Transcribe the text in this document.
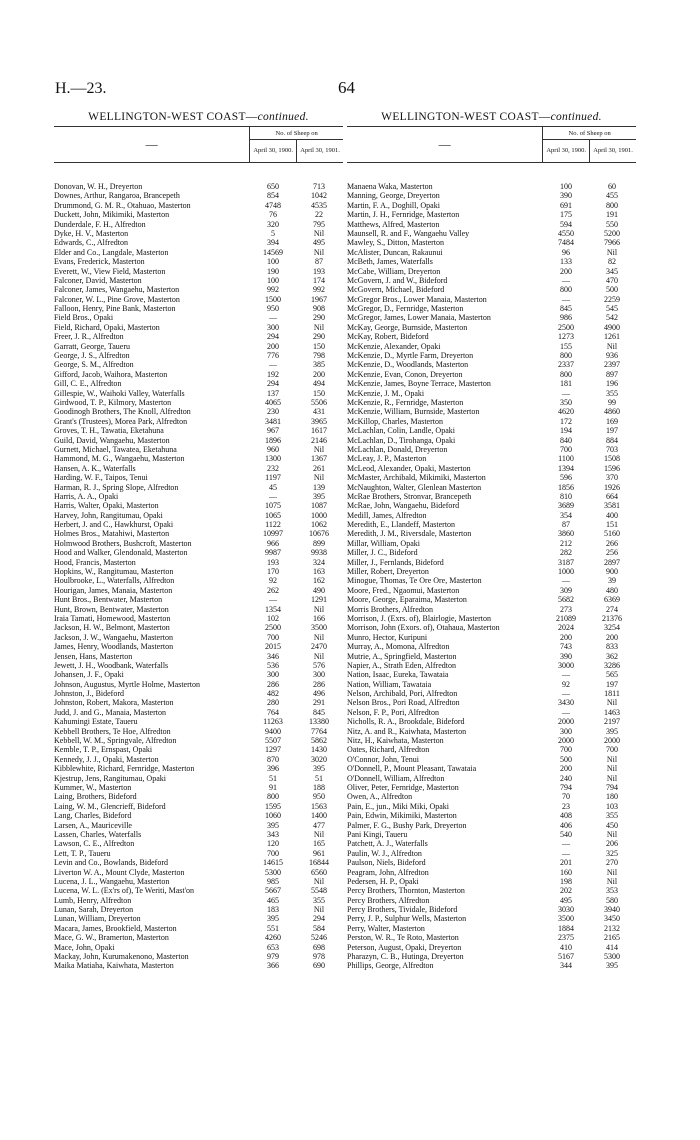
H.—23.	64
WELLINGTON-WEST COAST—continued.
—	No. of Sheep on	
	April 30, 1900.	April 30, 1901.
Donovan, W. H., Dreyerton	650	713
Downes, Arthur, Rangaroa, Brancepeth	854	1042
Drummond, G. M. R., Otahuao, Masterton	4748	4535
Duckett, John, Mikimiki, Masterton	76	22
Dunderdale, F. H., Alfredton	320	795
Dyke, H. V., Masterton	5	Nil
Edwards, C., Alfredton	394	495
Elder and Co., Langdale, Masterton	14569	Nil
Evans, Frederick, Masterton	100	87
Everett, W., View Field, Masterton	190	193
Falconer, David, Masterton	100	174
Falconer, James, Wangaehu, Masterton	992	992
Falconer, W. L., Pine Grove, Masterton	1500	1967
Falloon, Henry, Pine Bank, Masterton	950	908
Field Bros., Opaki	—	290
Field, Richard, Opaki, Masterton	300	Nil
Freer, J. R., Alfredton	294	290
Garratt, George, Taueru	200	150
George, J. S., Alfredton	776	798
George, S. M., Alfredton	—	385
Gifford, Jacob, Waihora, Masterton	192	200
Gill, C. E., Alfredton	294	494
Gillespie, W., Waihoki Valley, Waterfalls	137	150
Girdwood, T. P., Kilmory, Masterton	4065	5506
Goodinogh Brothers, The Knoll, Alfredton	230	431
Grant's (Trustees), Morea Park, Alfredton	3481	3965
Groves, T. H., Tawatia, Eketahuna	967	1617
Guild, David, Wangaehu, Masterton	1896	2146
Gurnett, Michael, Tawatea, Eketahuna	960	Nil
Hammond, M. G., Wangaehu, Masterton	1300	1367
Hansen, A. K., Waterfalls	232	261
Harding, W. F., Taipos, Tenui	1197	Nil
Harman, R. J., Spring Slope, Alfredton	45	139
Harris, A. A., Opaki	—	395
Harris, Walter, Opaki, Masterton	1075	1087
Harvey, John, Rangitumau, Opaki	1065	1000
Herbert, J. and C., Hawkhurst, Opaki	1122	1062
Holmes Bros., Matahiwi, Masterton	10997	10676
Holmwood Brothers, Bushcroft, Masterton	966	899
Hood and Walker, Glendonald, Masterton	9987	9938
Hood, Francis, Masterton	193	324
Hopkins, W., Rangitumau, Masterton	170	163
Houlbrooke, L., Waterfalls, Alfredton	92	162
Hourigan, James, Manaia, Masterton	262	490
Hunt Bros., Bentwater, Masterton	—	1291
Hunt, Brown, Bentwater, Masterton	1354	Nil
Iraia Tamati, Homewood, Masterton	102	166
Jackson, H. W., Belmont, Masterton	2500	3500
Jackson, J. W., Wangaehu, Masterton	700	Nil
James, Henry, Woodlands, Masterton	2015	2470
Jensen, Hans, Masterton	346	Nil
Jewett, J. H., Woodbank, Waterfalls	536	576
Johansen, J. F., Opaki	300	300
Johnson, Augustus, Myrtle Holme, Masterton	286	286
Johnston, J., Bideford	482	496
Johnston, Robert, Makora, Masterton	280	291
Judd, J. and G., Manaia, Masterton	764	845
Kahumingi Estate, Taueru	11263	13380
Kebbell Brothers, Te Hoe, Alfredton	9400	7764
Kebbell, W. M., Springvale, Alfredton	5507	5862
Kemble, T. P., Ernspast, Opaki	1297	1430
Kennedy, J. J., Opaki, Masterton	870	3020
Kibblewhite, Richard, Fernridge, Masterton	396	395
Kjestrup, Jens, Rangitumau, Opaki	51	51
Kummer, W., Masterton	91	188
Laing, Brothers, Bideford	800	950
Laing, W. M., Glencrieff, Bideford	1595	1563
Lang, Charles, Bideford	1060	1400
Larsen, A., Mauriceville	395	477
Lassen, Charles, Waterfalls	343	Nil
Lawson, C. E., Alfredton	120	165
Lett, T. P., Taueru	700	961
Levin and Co., Bowlands, Bideford	14615	16844
Liverton W. A., Mount Clyde, Masterton	5300	6560
Lucena, J. L., Wangaehu, Masterton	985	Nil
Lucena, W. L. (Ex'rs of), Te Weriti, Mast'on	5667	5548
Lumb, Henry, Alfredton	465	355
Lunan, Sarah, Dreyerton	183	Nil
Lunan, William, Dreyerton	395	294
Macara, James, Brookfield, Masterton	551	584
Mace, G. W., Bramerton, Masterton	4260	5246
Mace, John, Opaki	653	698
Mackay, John, Kurumakenono, Masterton	979	978
Maika Matiaha, Kaiwhata, Masterton	366	690
WELLINGTON-WEST COAST—continued.
—	No. of Sheep on	
	April 30, 1900.	April 30, 1901.
Manaena Waka, Masterton	100	60
Manning, George, Dreyerton	390	455
Martin, F. A., Doghill, Opaki	691	800
Martin, J. H., Fernridge, Masterton	175	191
Matthews, Alfred, Masterton	594	550
Maunsell, R. and F., Wangaehu Valley	4550	5200
Mawley, S., Ditton, Masterton	7484	7966
McAlister, Duncan, Rakaunui	96	Nil
McBeth, James, Waterfalls	133	82
McCabe, William, Dreyerton	200	345
McGovern, J. and W., Bideford	—	470
McGovern, Michael, Bideford	800	500
McGregor Bros., Lower Manaia, Masterton	—	2259
McGregor, D., Fernridge, Masterton	845	545
McGregor, James, Lower Manaia, Masterton	986	542
McKay, George, Burnside, Masterton	2500	4900
McKay, Robert, Bideford	1273	1261
McKenzie, Alexander, Opaki	155	Nil
McKenzie, D., Myrtle Farm, Dreyerton	800	936
McKenzie, D., Woodlands, Masterton	2337	2397
McKenzie, Evan, Conon, Dreyerton	800	897
McKenzie, James, Boyne Terrace, Masterton	181	196
McKenzie, J. M., Opaki	—	355
McKenzie, R., Fernridge, Masterton	350	99
McKenzie, William, Burnside, Masterton	4620	4860
McKillop, Charles, Masterton	172	169
McLachlan, Colin, Landle, Opaki	194	197
McLachlan, D., Tirohanga, Opaki	840	884
McLachlan, Donald, Dreyerton	700	703
McLeay, J. P., Masterton	1100	1508
McLeod, Alexander, Opaki, Masterton	1394	1596
McMaster, Archibald, Mikimiki, Masterton	596	370
McNaughton, Walter, Glenlean Masterton	1856	1926
McRae Brothers, Stronvar, Brancepeth	810	664
McRae, John, Wangaehu, Bideford	3689	3581
Medill, James, Alfredton	354	400
Meredith, E., Llandeff, Masterton	87	151
Meredith, J. M., Riversdale, Masterton	3860	5160
Millar, William, Opaki	212	266
Miller, J. C., Bideford	282	256
Miller, J., Fernlands, Bideford	3187	2897
Miller, Robert, Dreyerton	1000	900
Minogue, Thomas, Te Ore Ore, Masterton	—	39
Moore, Fred., Ngaomui, Masterton	309	480
Moore, George, Eparaima, Masterton	5682	6369
Morris Brothers, Alfredton	273	274
Morrison, J. (Exrs. of), Blairlogie, Masterton	21089	21376
Morrison, John (Exors. of), Otahaua, Masterton	2024	3254
Munro, Hector, Kuripuni	200	200
Murray, A., Momona, Alfredton	743	833
Mutrie, A., Springfield, Masterton	390	362
Napier, A., Strath Eden, Alfredton	3000	3286
Nation, Isaac, Eureka, Tawataia	—	565
Nation, William, Tawataia	92	197
Nelson, Archibald, Pori, Alfredton	—	1811
Nelson Bros., Pori Road, Alfredton	3430	Nil
Nelson, F. P., Pori, Alfredton	—	1463
Nicholls, R. A., Brookdale, Bideford	2000	2197
Nitz, A. and R., Kaiwhata, Masterton	300	395
Nitz, H., Kaiwhata, Masterton	2000	2000
Oates, Richard, Alfredton	700	700
O'Connor, John, Tenui	500	Nil
O'Donnell, P., Mount Pleasant, Tawataia	200	Nil
O'Donnell, William, Alfredton	240	Nil
Oliver, Peter, Fernridge, Masterton	794	794
Owen, A., Alfredton	70	180
Pain, E., jun., Miki Miki, Opaki	23	103
Pain, Edwin, Mikimiki, Masterton	408	355
Palmer, F. G., Bushy Park, Dreyerton	406	450
Pani Kingi, Taueru	540	Nil
Patchett, A. J., Waterfalls	—	206
Paulin, W. J., Alfredton	—	325
Paulson, Niels, Bideford	201	270
Peagram, John, Alfredton	160	Nil
Pedersen, H. P., Opaki	198	Nil
Percy Brothers, Thornton, Masterton	202	353
Percy Brothers, Alfredton	495	580
Percy Brothers, Tividale, Bideford	3030	3940
Perry, J. P., Sulphur Wells, Masterton	3500	3450
Perry, Walter, Masterton	1884	2132
Perston, W. R., Te Roto, Masterton	2375	2165
Peterson, August, Opaki, Dreyerton	410	414
Pharazyn, C. B., Hutinga, Dreyerton	5167	5300
Phillips, George, Alfredton	344	395
